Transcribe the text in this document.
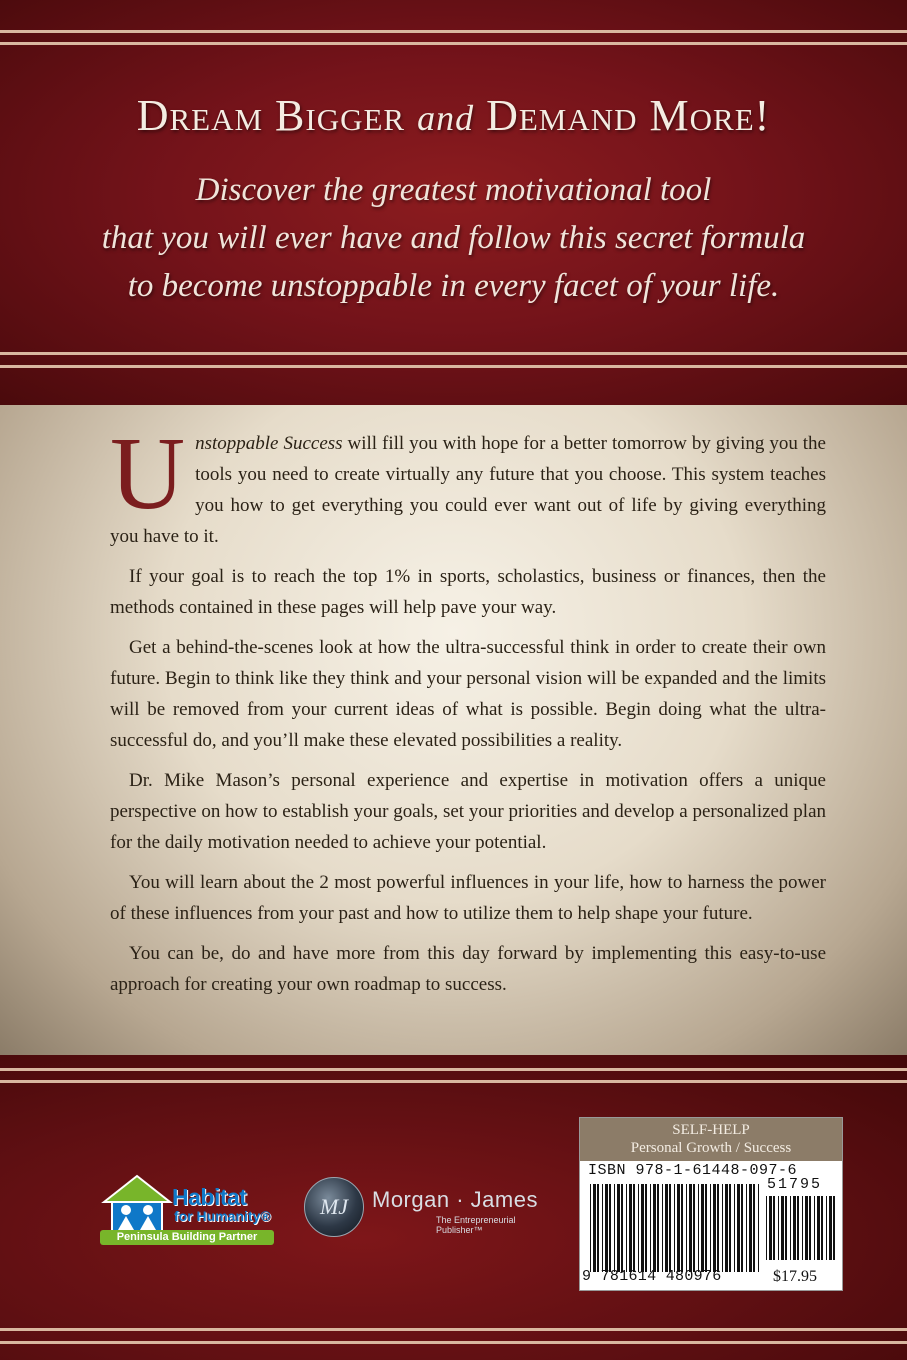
Dream Bigger and Demand More!
Discover the greatest motivational tool
that you will ever have and follow this secret formula
to become unstoppable in every facet of your life.

Unstoppable Success will fill you with hope for a better tomorrow by giving you the tools you need to create virtually any future that you choose. This system teaches you how to get everything you could ever want out of life by giving everything you have to it.

If your goal is to reach the top 1% in sports, scholastics, business or finances, then the methods contained in these pages will help pave your way.

Get a behind-the-scenes look at how the ultra-successful think in order to create their own future. Begin to think like they think and your personal vision will be expanded and the limits will be removed from your current ideas of what is possible. Begin doing what the ultra-successful do, and you’ll make these elevated possibilities a reality.

Dr. Mike Mason’s personal experience and expertise in motivation offers a unique perspective on how to establish your goals, set your priorities and develop a personalized plan for the daily motivation needed to achieve your potential.

You will learn about the 2 most powerful influences in your life, how to harness the power of these influences from your past and how to utilize them to help shape your future.

You can be, do and have more from this day forward by implementing this easy-to-use approach for creating your own roadmap to success.

Habitat
for Humanity®
Peninsula Building Partner
MJ	Morgan · James
The Entrepreneurial Publisher™
SELF-HELP
Personal Growth / Success
ISBN 978-1-61448-097-6
51795
9 781614 480976	$17.95
